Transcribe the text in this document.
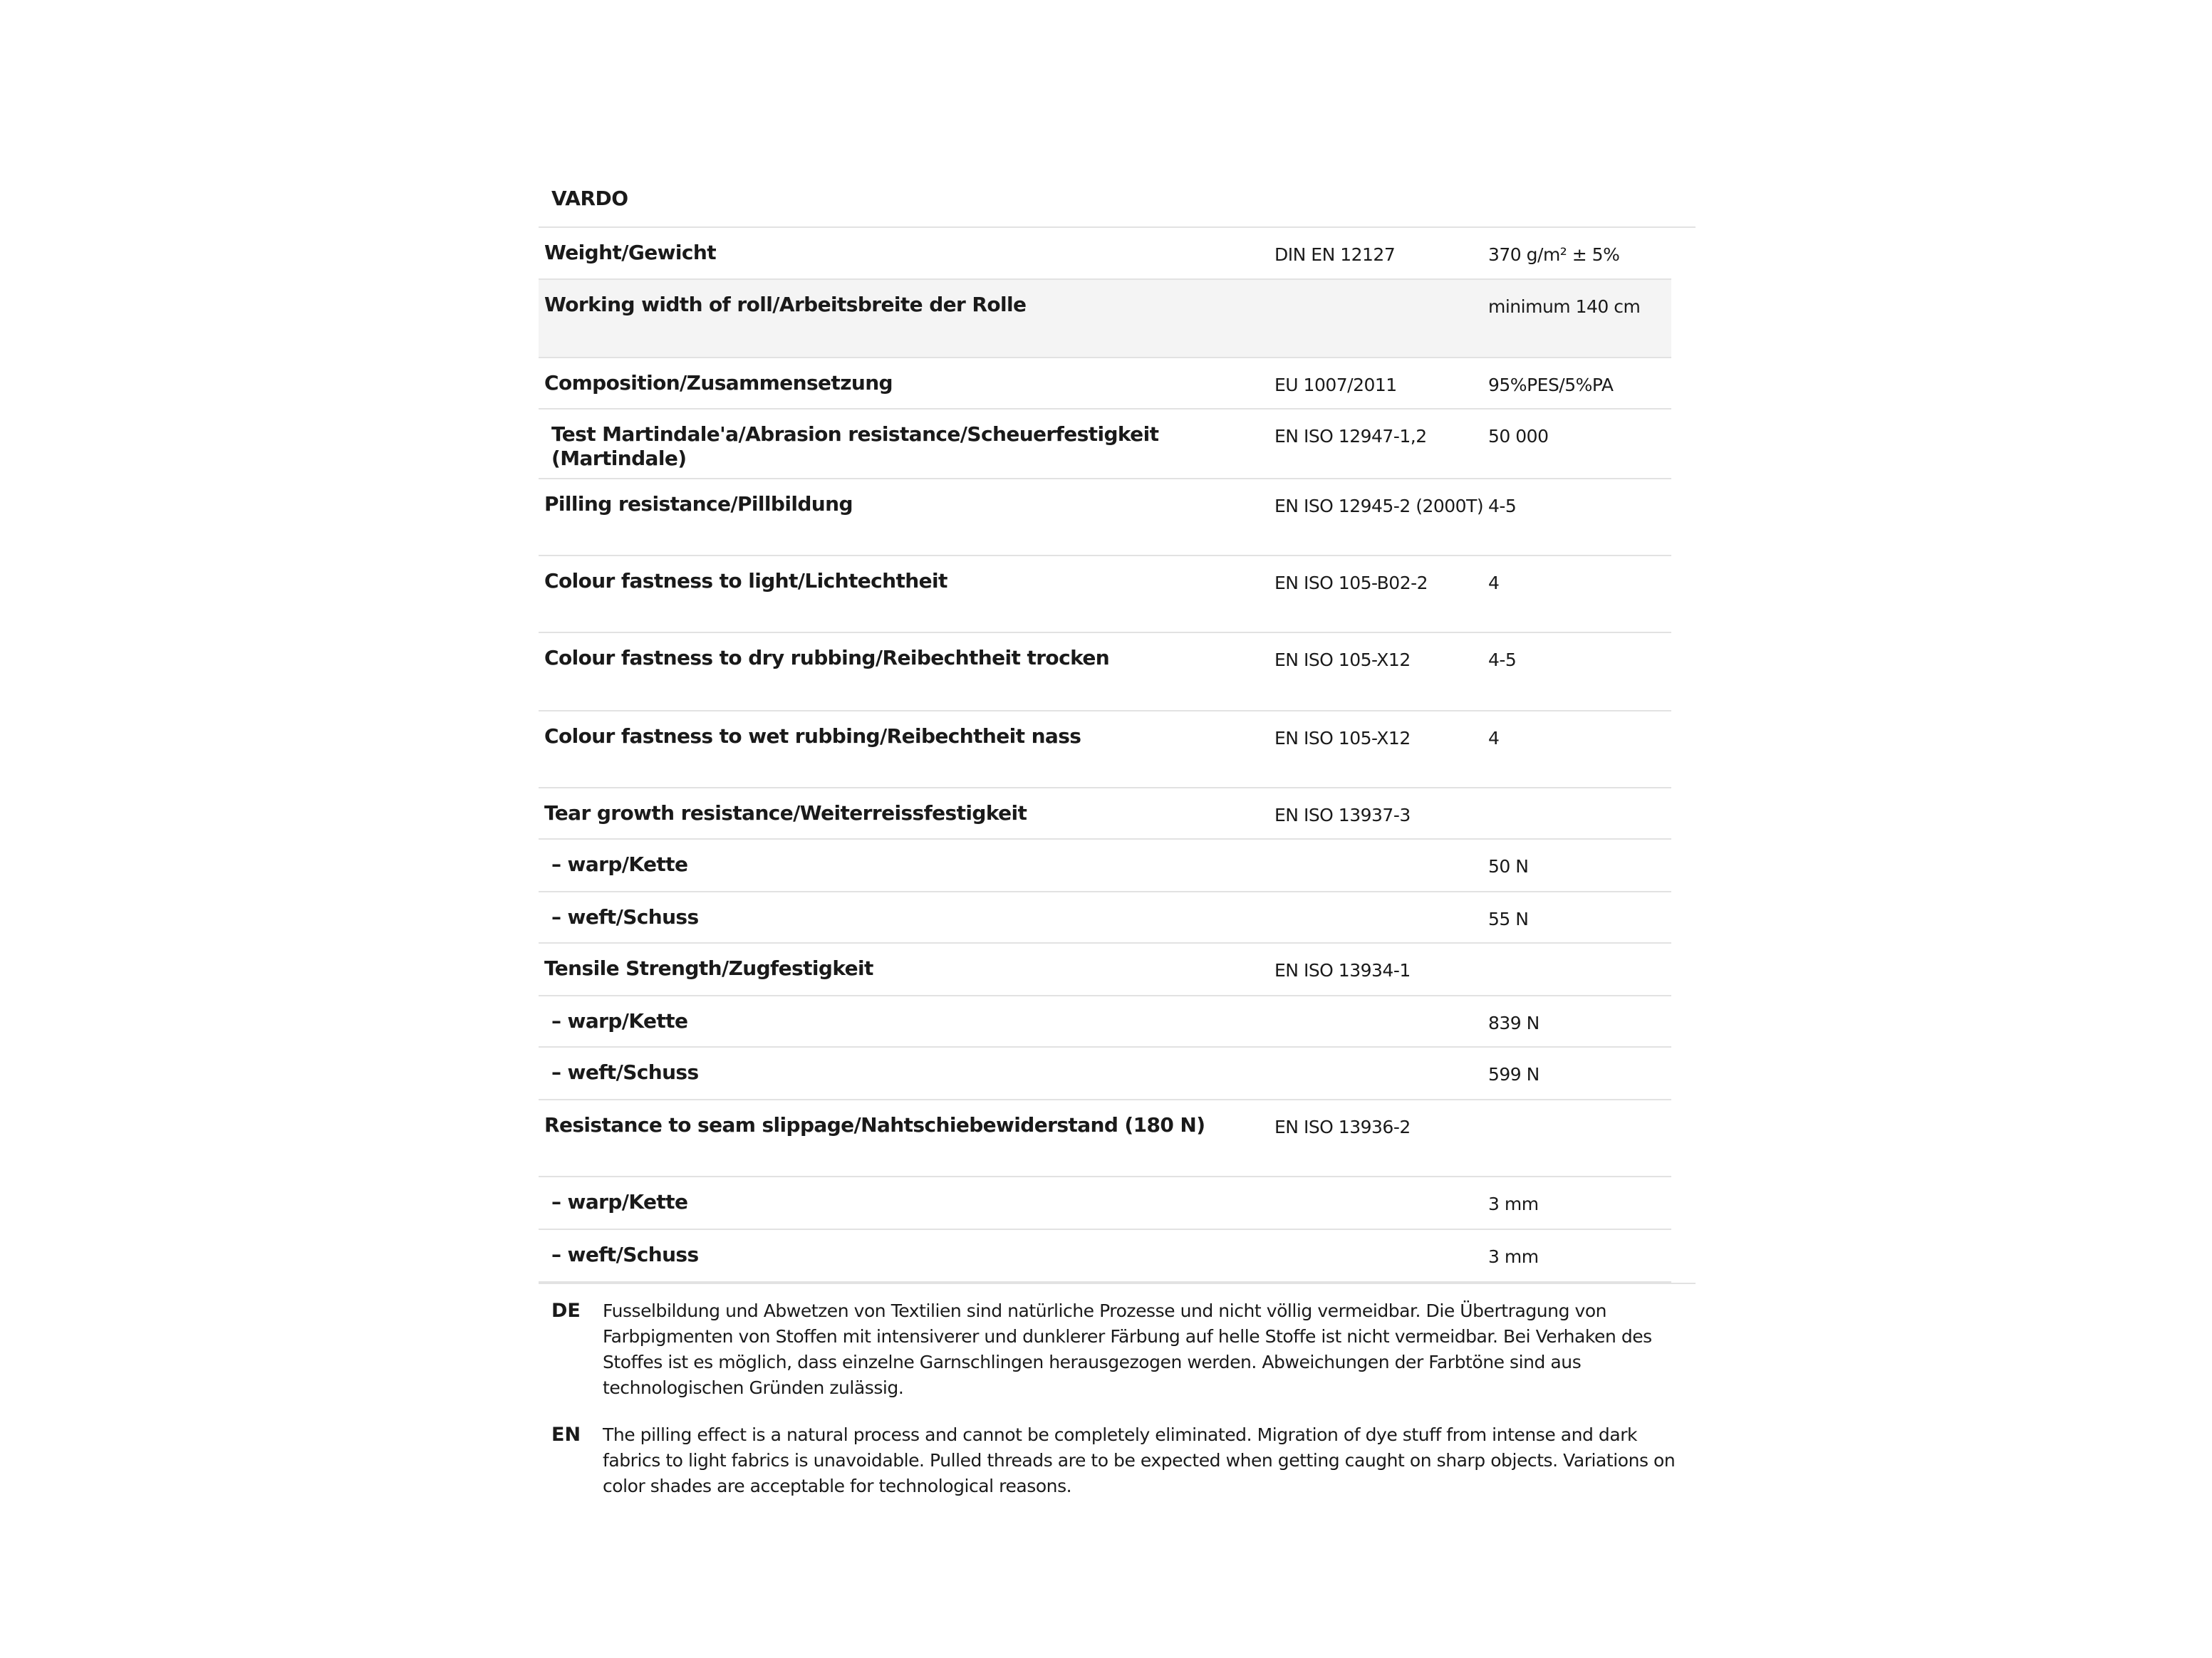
VARDO
Weight/Gewicht	DIN EN 12127	370 g/m² ± 5%
Working width of roll/Arbeitsbreite der Rolle		minimum 140 cm
Composition/Zusammensetzung	EU 1007/2011	95%PES/5%PA
Test Martindale'a/Abrasion resistance/Scheuerfestigkeit (Martindale)	EN ISO 12947-1,2	50 000
Pilling resistance/Pillbildung	EN ISO 12945-2 (2000T)	4-5
Colour fastness to light/Lichtechtheit	EN ISO 105-B02-2	4
Colour fastness to dry rubbing/Reibechtheit trocken	EN ISO 105-X12	4-5
Colour fastness to wet rubbing/Reibechtheit nass	EN ISO 105-X12	4
Tear growth resistance/Weiterreissfestigkeit	EN ISO 13937-3	
– warp/Kette		50 N
– weft/Schuss		55 N
Tensile Strength/Zugfestigkeit	EN ISO 13934-1	
– warp/Kette		839 N
– weft/Schuss		599 N
Resistance to seam slippage/Nahtschiebewiderstand (180 N)	EN ISO 13936-2	
– warp/Kette		3 mm
– weft/Schuss		3 mm
DE	Fusselbildung und Abwetzen von Textilien sind natürliche Prozesse und nicht völlig vermeidbar. Die Übertragung von Farbpigmenten von Stoffen mit intensiverer und dunklerer Färbung auf helle Stoffe ist nicht vermeidbar. Bei Verhaken des Stoffes ist es möglich, dass einzelne Garnschlingen herausgezogen werden. Abweichungen der Farbtöne sind aus technologischen Gründen zulässig.
EN	The pilling effect is a natural process and cannot be completely eliminated. Migration of dye stuff from intense and dark fabrics to light fabrics is unavoidable. Pulled threads are to be expected when getting caught on sharp objects. Variations on color shades are acceptable for technological reasons.
